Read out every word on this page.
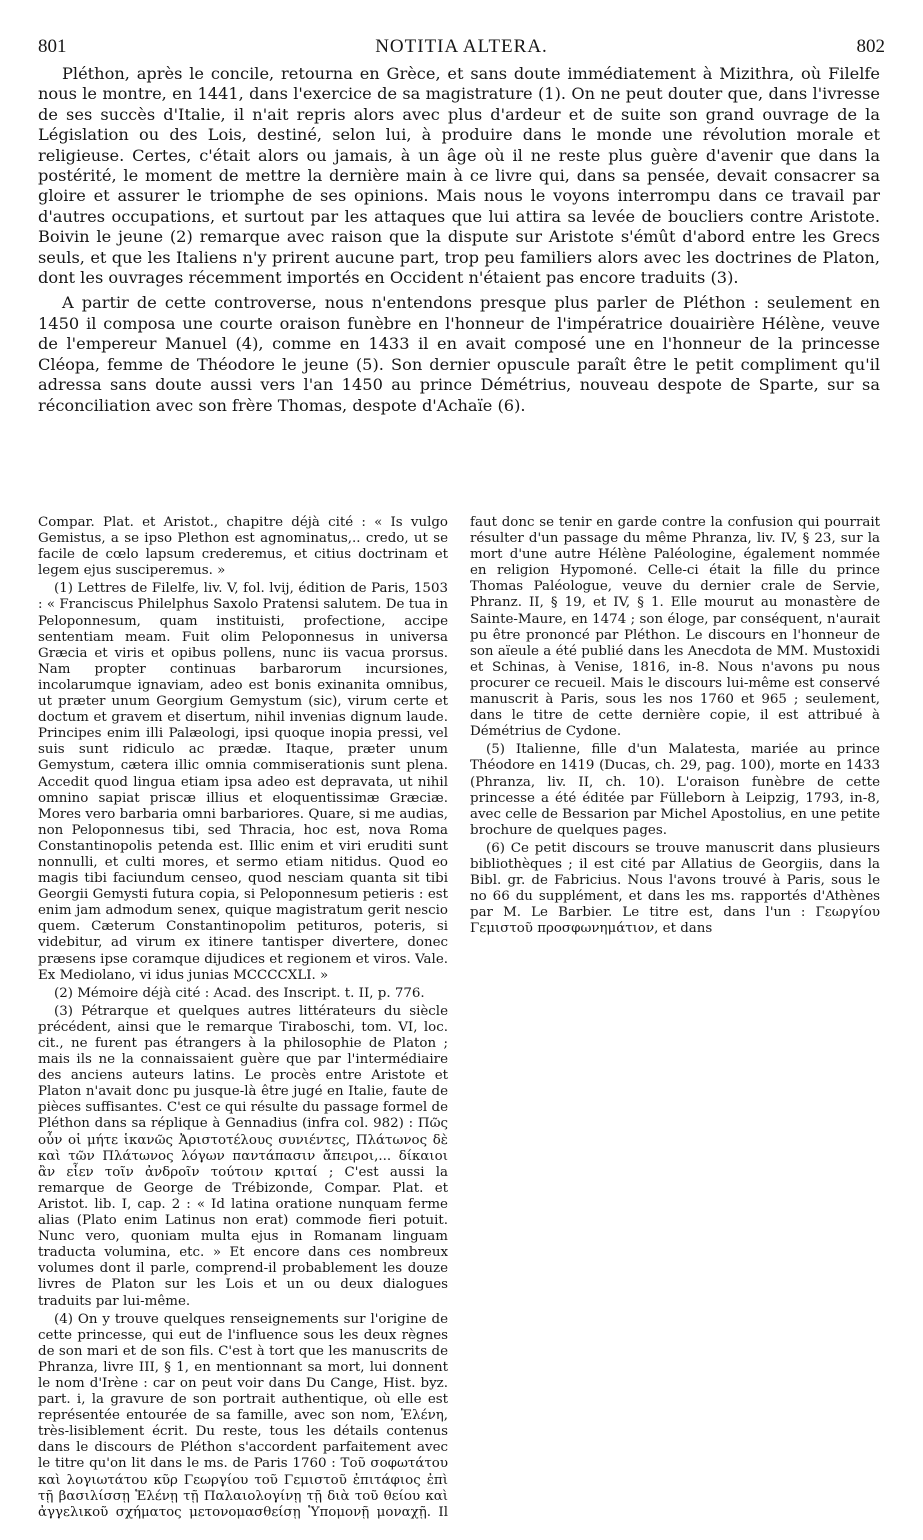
801	NOTITIA ALTERA.	802

Pléthon, après le concile, retourna en Grèce, et sans doute immédiatement à Mizithra, où Filelfe nous le montre, en 1441, dans l'exercice de sa magistrature (1). On ne peut douter que, dans l'ivresse de ses succès d'Italie, il n'ait repris alors avec plus d'ardeur et de suite son grand ouvrage de la Législation ou des Lois, destiné, selon lui, à produire dans le monde une révolution morale et religieuse. Certes, c'était alors ou jamais, à un âge où il ne reste plus guère d'avenir que dans la postérité, le moment de mettre la dernière main à ce livre qui, dans sa pensée, devait consacrer sa gloire et assurer le triomphe de ses opinions. Mais nous le voyons interrompu dans ce travail par d'autres occupations, et surtout par les attaques que lui attira sa levée de boucliers contre Aristote. Boivin le jeune (2) remarque avec raison que la dispute sur Aristote s'émût d'abord entre les Grecs seuls, et que les Italiens n'y prirent aucune part, trop peu familiers alors avec les doctrines de Platon, dont les ouvrages récemment importés en Occident n'étaient pas encore traduits (3).

A partir de cette controverse, nous n'entendons presque plus parler de Pléthon : seulement en 1450 il composa une courte oraison funèbre en l'honneur de l'impératrice douairière Hélène, veuve de l'empereur Manuel (4), comme en 1433 il en avait composé une en l'honneur de la princesse Cléopa, femme de Théodore le jeune (5). Son dernier opuscule paraît être le petit compliment qu'il adressa sans doute aussi vers l'an 1450 au prince Démétrius, nouveau despote de Sparte, sur sa réconciliation avec son frère Thomas, despote d'Achaïe (6).

Compar. Plat. et Aristot., chapitre déjà cité : « Is vulgo Gemistus, a se ipso Plethon est agnominatus,.. credo, ut se facile de cœlo lapsum crederemus, et citius doctrinam et legem ejus susciperemus. »

(1) Lettres de Filelfe, liv. V, fol. lvij, édition de Paris, 1503 : « Franciscus Philelphus Saxolo Pratensi salutem. De tua in Peloponnesum, quam instituisti, profectione, accipe sententiam meam. Fuit olim Peloponnesus in universa Græcia et viris et opibus pollens, nunc iis vacua prorsus. Nam propter continuas barbarorum incursiones, incolarumque ignaviam, adeo est bonis exinanita omnibus, ut præter unum Georgium Gemystum (sic), virum certe et doctum et gravem et disertum, nihil invenias dignum laude. Principes enim illi Palæologi, ipsi quoque inopia pressi, vel suis sunt ridiculo ac prædæ. Itaque, præter unum Gemystum, cætera illic omnia commiserationis sunt plena. Accedit quod lingua etiam ipsa adeo est depravata, ut nihil omnino sapiat priscæ illius et eloquentissimæ Græciæ. Mores vero barbaria omni barbariores. Quare, si me audias, non Peloponnesus tibi, sed Thracia, hoc est, nova Roma Constantinopolis petenda est. Illic enim et viri eruditi sunt nonnulli, et culti mores, et sermo etiam nitidus. Quod eo magis tibi faciundum censeo, quod nesciam quanta sit tibi Georgii Gemysti futura copia, si Peloponnesum petieris : est enim jam admodum senex, quique magistratum gerit nescio quem. Cæterum Constantinopolim petituros, poteris, si videbitur, ad virum ex itinere tantisper divertere, donec præsens ipse coramque dijudices et regionem et viros. Vale. Ex Mediolano, vi idus junias MCCCCXLI. »

(2) Mémoire déjà cité : Acad. des Inscript. t. II, p. 776.

(3) Pétrarque et quelques autres littérateurs du siècle précédent, ainsi que le remarque Tiraboschi, tom. VI, loc. cit., ne furent pas étrangers à la philosophie de Platon ; mais ils ne la connaissaient guère que par l'intermédiaire des anciens auteurs latins. Le procès entre Aristote et Platon n'avait donc pu jusque-là être jugé en Italie, faute de pièces suffisantes. C'est ce qui résulte du passage formel de Pléthon dans sa réplique à Gennadius (infra col. 982) : Πῶς οὖν οἱ μήτε ἱκανῶς Ἀριστοτέλους συνιέντες, Πλάτωνος δὲ καὶ τῶν Πλάτωνος λόγων παντάπασιν ἄπειροι,... δίκαιοι ἂν εἶεν τοῖν ἀνδροῖν τούτοιν κριταί ; C'est aussi la remarque de George de Trébizonde, Compar. Plat. et Aristot. lib. I, cap. 2 : « Id latina oratione nunquam ferme alias (Plato enim Latinus non erat) commode fieri potuit. Nunc vero, quoniam multa ejus in Romanam linguam traducta volumina, etc. » Et encore dans ces nombreux volumes dont il parle, comprend-il probablement les douze livres de Platon sur les Lois et un ou deux dialogues traduits par lui-même.

(4) On y trouve quelques renseignements sur l'origine de cette princesse, qui eut de l'influence sous les deux règnes de son mari et de son fils. C'est à tort que les manuscrits de Phranza, livre III, § 1, en mentionnant sa mort, lui donnent le nom d'Irène : car on peut voir dans Du Cange, Hist. byz. part. i, la gravure de son portrait authentique, où elle est représentée entourée de sa famille, avec son nom, Ἑλένη, très-lisiblement écrit. Du reste, tous les détails contenus dans le discours de Pléthon s'accordent parfaitement avec le titre qu'on lit dans le ms. de Paris 1760 : Τοῦ σοφωτάτου καὶ λογιωτάτου κῦρ Γεωργίου τοῦ Γεμιστοῦ ἐπιτάφιος ἐπὶ τῇ βασιλίσσῃ Ἑλένῃ τῇ Παλαιολογίνῃ τῇ διὰ τοῦ θείου καὶ ἀγγελικοῦ σχήματος μετονομασθείσῃ Ὑπομονῇ μοναχῇ. Il faut donc se tenir en garde contre la confusion qui pourrait résulter d'un passage du même Phranza, liv. IV, § 23, sur la mort d'une autre Hélène Paléologine, également nommée en religion Hypomoné. Celle-ci était la fille du prince Thomas Paléologue, veuve du dernier crale de Servie, Phranz. II, § 19, et IV, § 1. Elle mourut au monastère de Sainte-Maure, en 1474 ; son éloge, par conséquent, n'aurait pu être prononcé par Pléthon. Le discours en l'honneur de son aïeule a été publié dans les Anecdota de MM. Mustoxidi et Schinas, à Venise, 1816, in-8. Nous n'avons pu nous procurer ce recueil. Mais le discours lui-même est conservé manuscrit à Paris, sous les nos 1760 et 965 ; seulement, dans le titre de cette dernière copie, il est attribué à Démétrius de Cydone.

(5) Italienne, fille d'un Malatesta, mariée au prince Théodore en 1419 (Ducas, ch. 29, pag. 100), morte en 1433 (Phranza, liv. II, ch. 10). L'oraison funèbre de cette princesse a été éditée par Fülleborn à Leipzig, 1793, in-8, avec celle de Bessarion par Michel Apostolius, en une petite brochure de quelques pages.

(6) Ce petit discours se trouve manuscrit dans plusieurs bibliothèques ; il est cité par Allatius de Georgiis, dans la Bibl. gr. de Fabricius. Nous l'avons trouvé à Paris, sous le no 66 du supplément, et dans les ms. rapportés d'Athènes par M. Le Barbier. Le titre est, dans l'un : Γεωργίου Γεμιστοῦ προσφωνημάτιον, et dans
